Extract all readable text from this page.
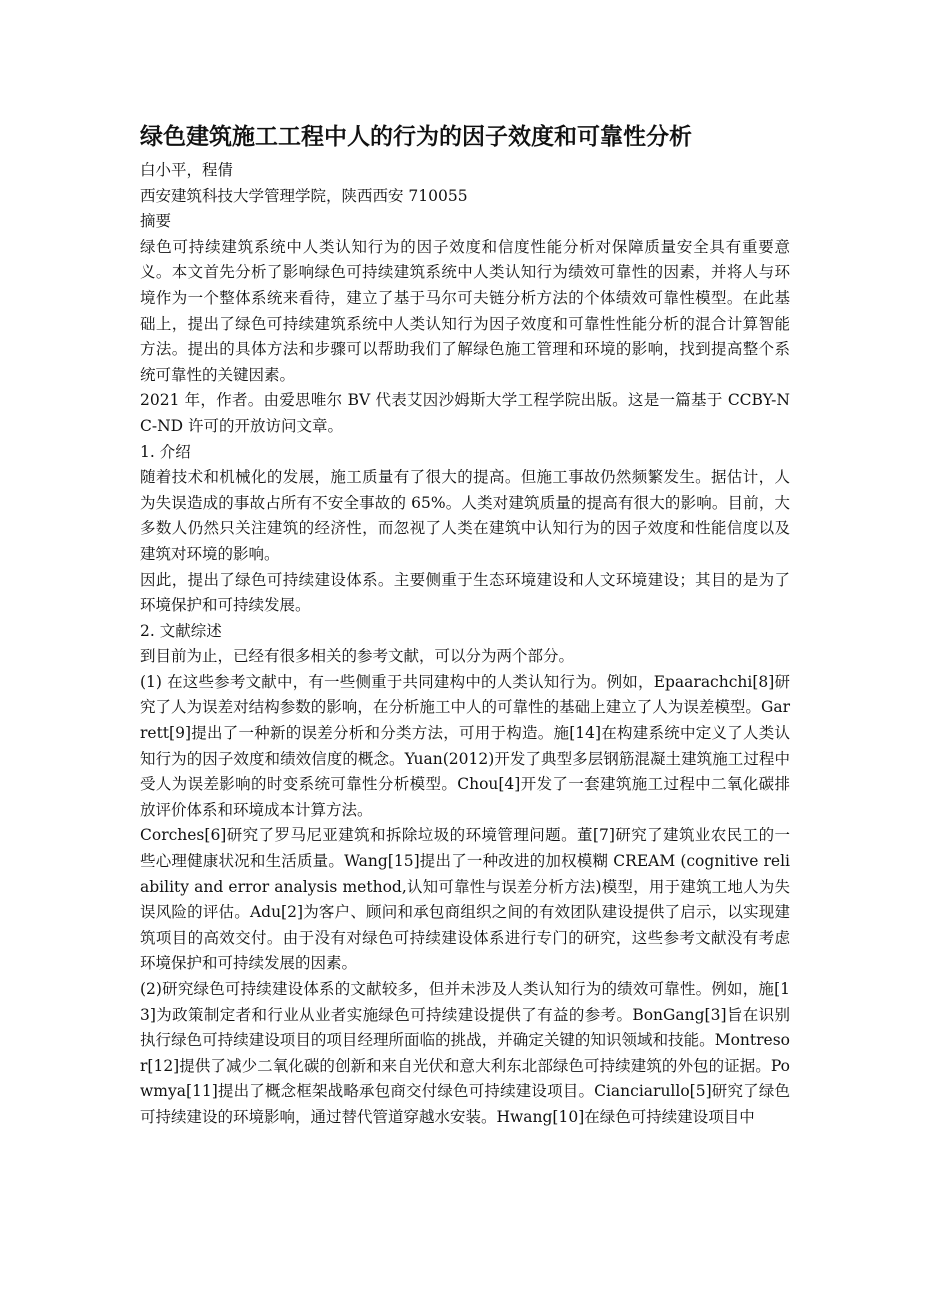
绿色建筑施工工程中人的行为的因子效度和可靠性分析

白小平，程倩

西安建筑科技大学管理学院，陕西西安 710055

摘要

绿色可持续建筑系统中人类认知行为的因子效度和信度性能分析对保障质量安全具有重要意义。本文首先分析了影响绿色可持续建筑系统中人类认知行为绩效可靠性的因素，并将人与环境作为一个整体系统来看待，建立了基于马尔可夫链分析方法的个体绩效可靠性模型。在此基础上，提出了绿色可持续建筑系统中人类认知行为因子效度和可靠性性能分析的混合计算智能方法。提出的具体方法和步骤可以帮助我们了解绿色施工管理和环境的影响，找到提高整个系统可靠性的关键因素。

2021 年，作者。由爱思唯尔 BV 代表艾因沙姆斯大学工程学院出版。这是一篇基于 CCBY-NC-ND 许可的开放访问文章。

1. 介绍

随着技术和机械化的发展，施工质量有了很大的提高。但施工事故仍然频繁发生。据估计，人为失误造成的事故占所有不安全事故的 65%。人类对建筑质量的提高有很大的影响。目前，大多数人仍然只关注建筑的经济性，而忽视了人类在建筑中认知行为的因子效度和性能信度以及建筑对环境的影响。

因此，提出了绿色可持续建设体系。主要侧重于生态环境建设和人文环境建设；其目的是为了环境保护和可持续发展。

2. 文献综述

到目前为止，已经有很多相关的参考文献，可以分为两个部分。

(1) 在这些参考文献中，有一些侧重于共同建构中的人类认知行为。例如，Epaarachchi[8]研究了人为误差对结构参数的影响，在分析施工中人的可靠性的基础上建立了人为误差模型。Garrett[9]提出了一种新的误差分析和分类方法，可用于构造。施[14]在构建系统中定义了人类认知行为的因子效度和绩效信度的概念。Yuan(2012)开发了典型多层钢筋混凝土建筑施工过程中受人为误差影响的时变系统可靠性分析模型。Chou[4]开发了一套建筑施工过程中二氧化碳排放评价体系和环境成本计算方法。

Corches[6]研究了罗马尼亚建筑和拆除垃圾的环境管理问题。董[7]研究了建筑业农民工的一些心理健康状况和生活质量。Wang[15]提出了一种改进的加权模糊 CREAM (cognitive reliability and error analysis method,认知可靠性与误差分析方法)模型，用于建筑工地人为失误风险的评估。Adu[2]为客户、顾问和承包商组织之间的有效团队建设提供了启示，以实现建筑项目的高效交付。由于没有对绿色可持续建设体系进行专门的研究，这些参考文献没有考虑环境保护和可持续发展的因素。

(2)研究绿色可持续建设体系的文献较多，但并未涉及人类认知行为的绩效可靠性。例如，施[13]为政策制定者和行业从业者实施绿色可持续建设提供了有益的参考。BonGang[3]旨在识别执行绿色可持续建设项目的项目经理所面临的挑战，并确定关键的知识领域和技能。Montresor[12]提供了减少二氧化碳的创新和来自光伏和意大利东北部绿色可持续建筑的外包的证据。Powmya[11]提出了概念框架战略承包商交付绿色可持续建设项目。Cianciarullo[5]研究了绿色可持续建设的环境影响，通过替代管道穿越水安装。Hwang[10]在绿色可持续建设项目中
